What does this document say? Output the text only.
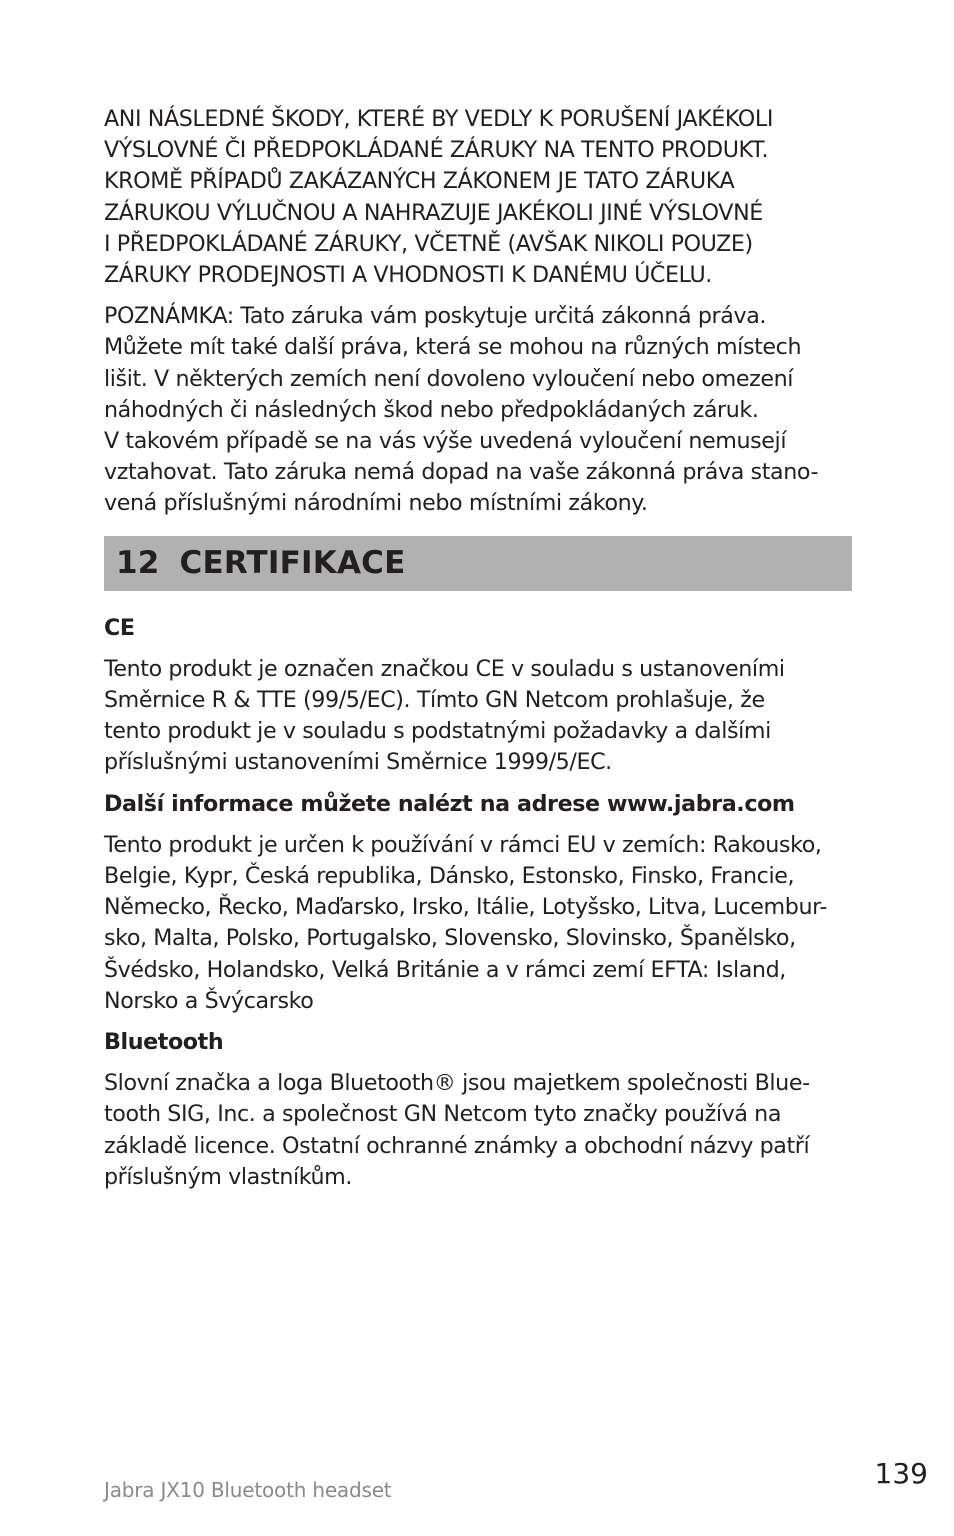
ANI NÁSLEDNÉ ŠKODY, KTERÉ BY VEDLY K PORUŠENÍ JAKÉKOLI
VÝSLOVNÉ ČI PŘEDPOKLÁDANÉ ZÁRUKY NA TENTO PRODUKT.
KROMĚ PŘÍPADŮ ZAKÁZANÝCH ZÁKONEM JE TATO ZÁRUKA
ZÁRUKOU VÝLUČNOU A NAHRAZUJE JAKÉKOLI JINÉ VÝSLOVNÉ
I PŘEDPOKLÁDANÉ ZÁRUKY, VČETNĚ (AVŠAK NIKOLI POUZE)
ZÁRUKY PRODEJNOSTI A VHODNOSTI K DANÉMU ÚČELU.

POZNÁMKA: Tato záruka vám poskytuje určitá zákonná práva.
Můžete mít také další práva, která se mohou na různých místech
lišit. V některých zemích není dovoleno vyloučení nebo omezení
náhodných či následných škod nebo předpokládaných záruk.
V takovém případě se na vás výše uvedená vyloučení nemusejí
vztahovat. Tato záruka nemá dopad na vaše zákonná práva stano-
vená příslušnými národními nebo místními zákony.

12 CERTIFIKACE

CE

Tento produkt je označen značkou CE v souladu s ustanoveními
Směrnice R & TTE (99/5/EC). Tímto GN Netcom prohlašuje, že
tento produkt je v souladu s podstatnými požadavky a dalšími
příslušnými ustanoveními Směrnice 1999/5/EC.

Další informace můžete nalézt na adrese www.jabra.com

Tento produkt je určen k používání v rámci EU v zemích: Rakousko,
Belgie, Kypr, Česká republika, Dánsko, Estonsko, Finsko, Francie,
Německo, Řecko, Maďarsko, Irsko, Itálie, Lotyšsko, Litva, Lucembur-
sko, Malta, Polsko, Portugalsko, Slovensko, Slovinsko, Španělsko,
Švédsko, Holandsko, Velká Británie a v rámci zemí EFTA: Island,
Norsko a Švýcarsko

Bluetooth

Slovní značka a loga Bluetooth® jsou majetkem společnosti Blue-
tooth SIG, Inc. a společnost GN Netcom tyto značky používá na
základě licence. Ostatní ochranné známky a obchodní názvy patří
příslušným vlastníkům.

Jabra JX10 Bluetooth headset	139
